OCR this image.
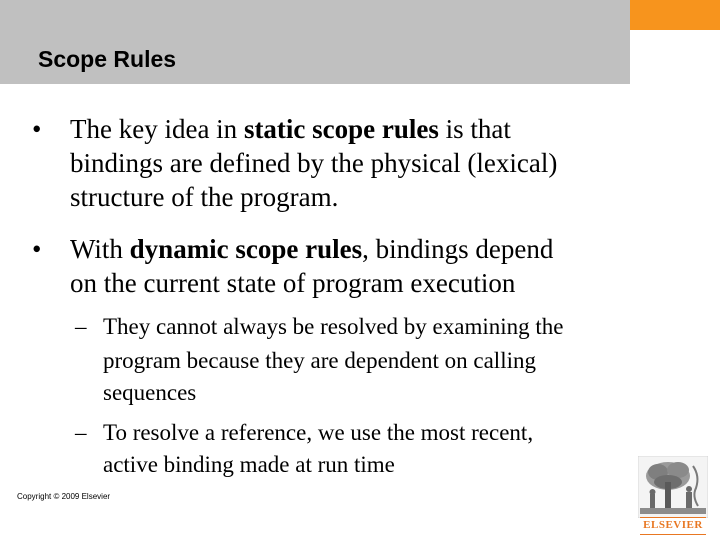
Scope Rules
• The key idea in static scope rules is that
bindings are defined by the physical (lexical)
structure of the program.
• With dynamic scope rules, bindings depend
on the current state of program execution
– They cannot always be resolved by examining the
program because they are dependent on calling
sequences
– To resolve a reference, we use the most recent,
active binding made at run time
Copyright © 2009 Elsevier
ELSEVIER
